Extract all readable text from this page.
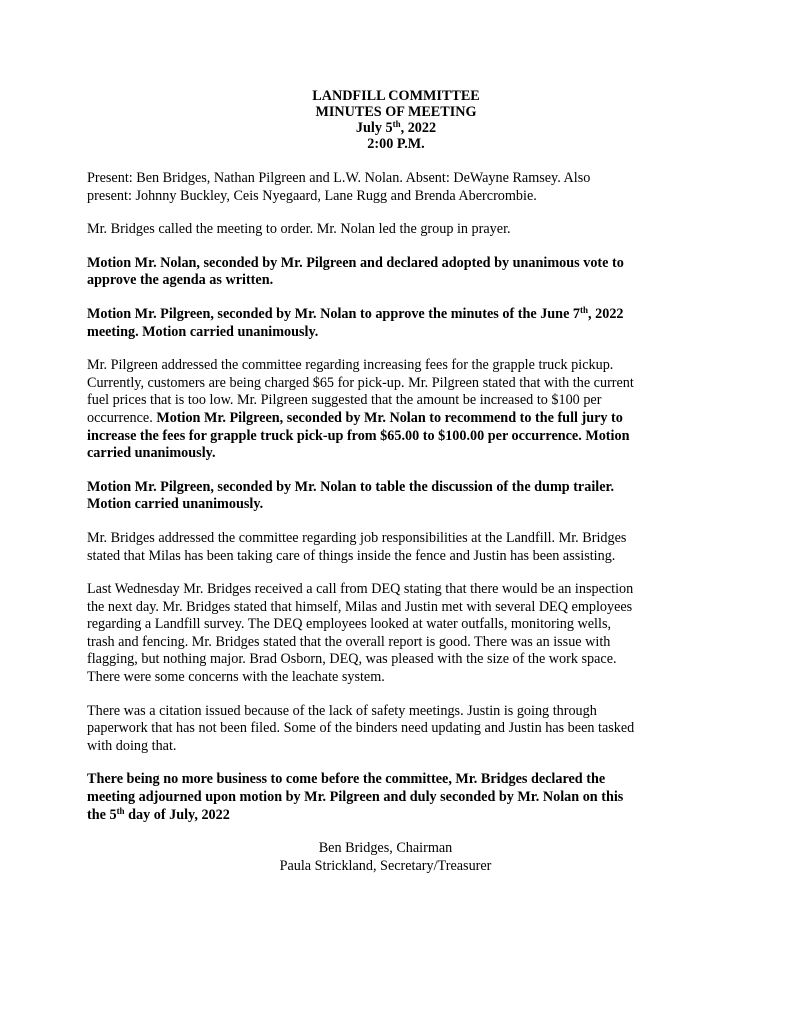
LANDFILL COMMITTEE
MINUTES OF MEETING
July 5th, 2022
2:00 P.M.

Present: Ben Bridges, Nathan Pilgreen and L.W. Nolan. Absent: DeWayne Ramsey. Also
present: Johnny Buckley, Ceis Nyegaard, Lane Rugg and Brenda Abercrombie.

Mr. Bridges called the meeting to order. Mr. Nolan led the group in prayer.

Motion Mr. Nolan, seconded by Mr. Pilgreen and declared adopted by unanimous vote to
approve the agenda as written.

Motion Mr. Pilgreen, seconded by Mr. Nolan to approve the minutes of the June 7th, 2022
meeting. Motion carried unanimously.

Mr. Pilgreen addressed the committee regarding increasing fees for the grapple truck pickup.
Currently, customers are being charged $65 for pick-up. Mr. Pilgreen stated that with the current
fuel prices that is too low. Mr. Pilgreen suggested that the amount be increased to $100 per
occurrence. Motion Mr. Pilgreen, seconded by Mr. Nolan to recommend to the full jury to
increase the fees for grapple truck pick-up from $65.00 to $100.00 per occurrence. Motion
carried unanimously.

Motion Mr. Pilgreen, seconded by Mr. Nolan to table the discussion of the dump trailer.
Motion carried unanimously.

Mr. Bridges addressed the committee regarding job responsibilities at the Landfill. Mr. Bridges
stated that Milas has been taking care of things inside the fence and Justin has been assisting.

Last Wednesday Mr. Bridges received a call from DEQ stating that there would be an inspection
the next day. Mr. Bridges stated that himself, Milas and Justin met with several DEQ employees
regarding a Landfill survey. The DEQ employees looked at water outfalls, monitoring wells,
trash and fencing. Mr. Bridges stated that the overall report is good. There was an issue with
flagging, but nothing major. Brad Osborn, DEQ, was pleased with the size of the work space.
There were some concerns with the leachate system.

There was a citation issued because of the lack of safety meetings. Justin is going through
paperwork that has not been filed. Some of the binders need updating and Justin has been tasked
with doing that.

There being no more business to come before the committee, Mr. Bridges declared the
meeting adjourned upon motion by Mr. Pilgreen and duly seconded by Mr. Nolan on this
the 5th day of July, 2022

Ben Bridges, Chairman
Paula Strickland, Secretary/Treasurer
